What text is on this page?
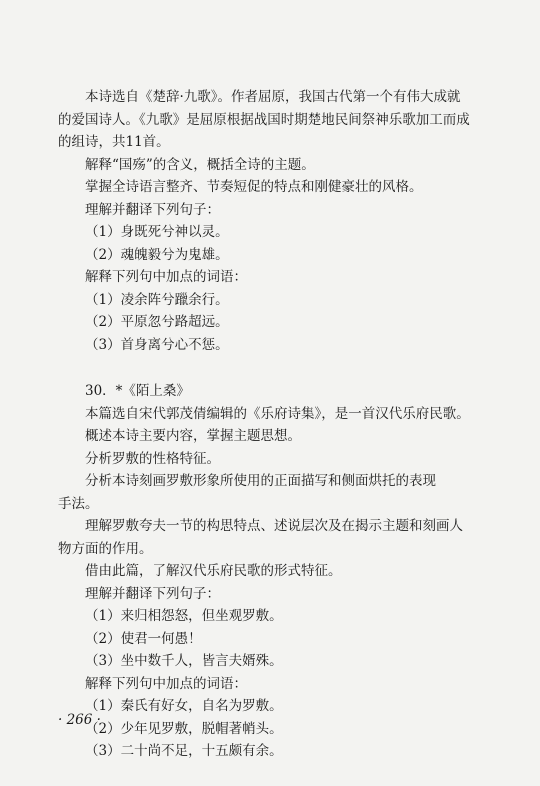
本诗选自《楚辞·九歌》。作者屈原，我国古代第一个有伟大成就

的爱国诗人。《九歌》是屈原根据战国时期楚地民间祭神乐歌加工而成

的组诗，共11首。

解释“国殇”的含义，概括全诗的主题。

掌握全诗语言整齐、节奏短促的特点和刚健豪壮的风格。

理解并翻译下列句子：

（1）身既死兮神以灵。

（2）魂魄毅兮为鬼雄。

解释下列句中加点的词语：

（1）凌余阵兮躐余行。

（2）平原忽兮路超远。

（3）首身离兮心不惩。

30．*《陌上桑》

本篇选自宋代郭茂倩编辑的《乐府诗集》，是一首汉代乐府民歌。

概述本诗主要内容，掌握主题思想。

分析罗敷的性格特征。

分析本诗刻画罗敷形象所使用的正面描写和侧面烘托的表现

手法。

理解罗敷夸夫一节的构思特点、述说层次及在揭示主题和刻画人

物方面的作用。

借由此篇，了解汉代乐府民歌的形式特征。

理解并翻译下列句子：

（1）来归相怨怒，但坐观罗敷。

（2）使君一何愚！

（3）坐中数千人，皆言夫婿殊。

解释下列句中加点的词语：

（1）秦氏有好女，自名为罗敷。

（2）少年见罗敷，脱帽著帩头。

（3）二十尚不足，十五颇有余。

· 266 ·
